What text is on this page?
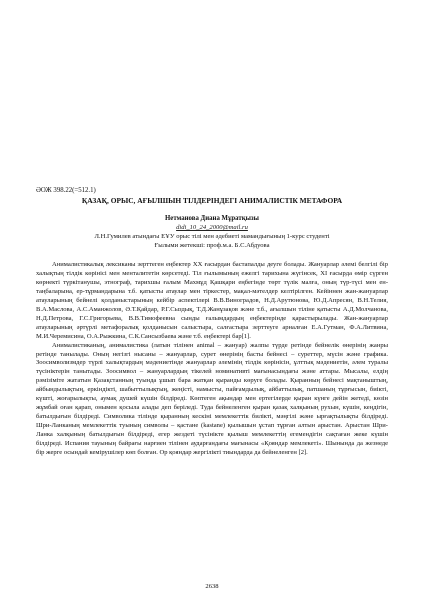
ӘОЖ 398.22(=512.1)
ҚАЗАҚ, ОРЫС, АҒЫЛШЫН ТІЛДЕРІНДЕГІ АНИМАЛИСТІК МЕТАФОРА
Нетманова Диана Мұратқызы
didi_10_24_2000@mail.ru
Л.Н.Гумилев атындағы ЕҰУ орыс тілі мен әдебиеті мамандығының 1-курс студенті
Ғылыми жетекші: проф.м.а. Б.С.Абдуова

Анималистикалық лексиканы зерттеген еңбектер ХХ ғасырдан бастапалды деуге болады. Жануарлар әлемі белгілі бір халықтың тілдік көрінісі мен менталитетін көрсетеді. Тіл ғылымының ежелгі тарихына жүгінсек, ХІ ғасырда өмір сүрген көрнекті түркітанушы, этнограф, тарихшы ғалым Махмұд Қашқари еңбегінде төрт түлік малға, оның түр-түсі мен ен-таңбаларына, ер-тұрмандарына т.б. қатысты атаулар мен тіркестер, мақал-мәтелдер келтірілген. Кейіннен жан-жануарлар атауларының бейнелі қолданыстарының кейбір аспектілері В.В.Виноградов, Н.Д.Арутюнова, Ю.Д.Апресян, В.Н.Телия, В.А.Маслова, А.С.Аманжолов, Ә.Т.Қайдар, Р.Г.Сыздық, Т.Д.Жанұзақов және т.б., ағылшын тіліне қатысты А.Д.Молчанова, Н.Д.Петрова, Г.С.Григорьева, В.В.Тимофеевна сынды ғалымдардың еңбектерінде қарастырылады. Жан-жануарлар атауларының әртүрлі метафоралық қолданысын салыстыра, салғастыра зерттеуге арналған Е.А.Гутман, Ф.А.Литвина, М.И.Черемисина, О.А.Рыжкина, С.К.Сансызбаева және т.б. еңбектері бар[1].

Анималистиканың, анималистика (латын тілінен animal – жануар) жалпы түрде ретінде бейнелік өнерінің жанры ретінде танылады. Оның негізгі нысаны – жануарлар, сурет өнерінің басты бейнесі – суреттер, мүсін және графика. Зоосимволизмдер түрлі халықтардың мәдениетінде жануарлар әлемінің тілдік көрінісін, ұлттық мәдениетін, әлем туралы түсініктерін танытады. Зоосимвол – жануарлардың тікелей номинативті мағынасындағы және аттары. Мысалы, елдің рәмізіміте жататын Қазақстанның туында ұшып бара жатқан қыранды көруге болады. Қыранның бейнесі мақтаныштың, айбындылықтың, еркіндікті, шабыттылықтың, жеңісті, намысты, пайғамдылық, айбаттылық, патшаның тұрғысын, биікті, күшті, жоғарылықты, аумақ душей күшін білдіреді. Көптеген ақындар мен ертегілерде қыран күнге дейін жетеді, көзін жұмбай оған қарап, онымен қосыла алады деп беріледі. Туда бейнеленген қыран қазақ халқының рухын, күшін, кеңдігін, батылдығын білдіреді. Символика тілінде қыранның кескіні мемлекеттік билікті, мәңгілі және ырғақтылықты білдіреді. Шри-Ланканың мемлекеттік туының символы – қастане (kastane) қылышын ұстап тұрған алтын арыстан. Арыстан Шри-Ланка халқының батылдығын білдіреді, егер жездеті түсінікте қылыш мемлекеттің егемендігін сақтаған жеке күшін білдіреді. Испания тауының байрағы нарғиен тілінен аударғандағы мағынасы «Қояндар мемлекеті». Шынында да жезнеде бір жерге осындай кемірушілер көп болған. Ор қояндар жергілікті тиындарда да бейнеленген [2].

2638
